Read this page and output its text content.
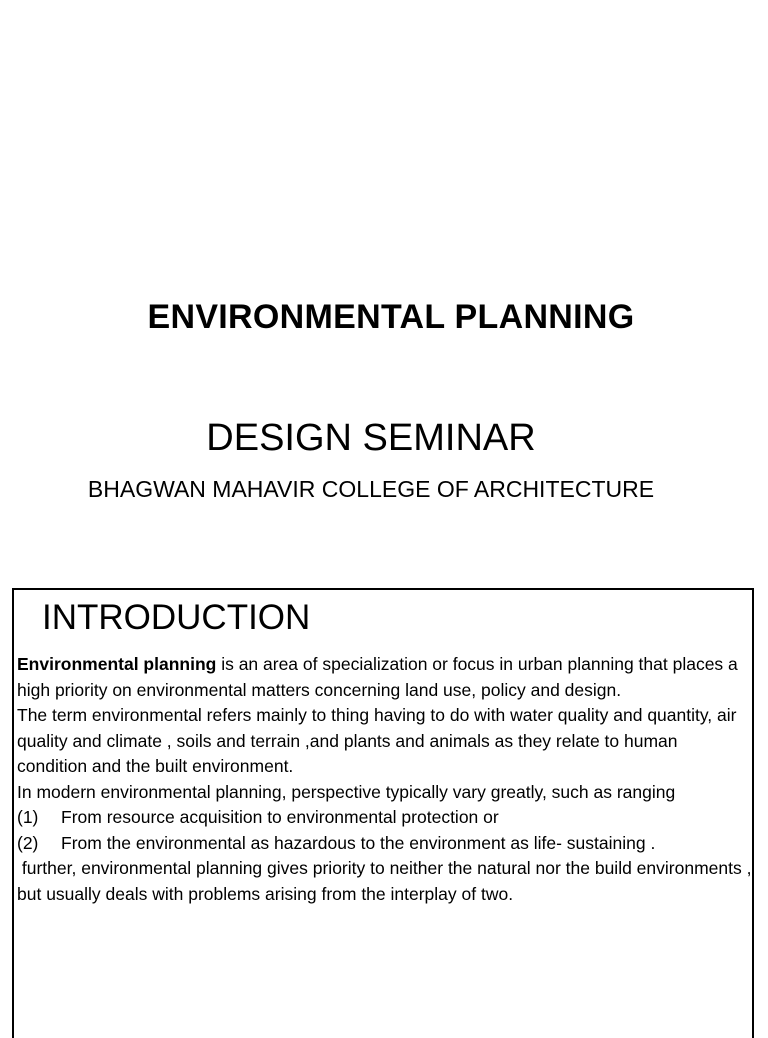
ENVIRONMENTAL PLANNING
DESIGN SEMINAR
BHAGWAN MAHAVIR COLLEGE OF ARCHITECTURE
INTRODUCTION

Environmental planning is an area of specialization or focus in urban planning that places a high priority on environmental matters concerning land use, policy and design.

The term environmental refers mainly to thing having to do with water quality and quantity, air quality and climate , soils and terrain ,and plants and animals as they relate to human condition and the built environment.

In modern environmental planning, perspective typically vary greatly, such as ranging

(1)	From resource acquisition to environmental protection or
(2)	From the environmental as hazardous to the environment as life- sustaining .

further, environmental planning gives priority to neither the natural nor the build environments , but usually deals with problems arising from the interplay of two.
